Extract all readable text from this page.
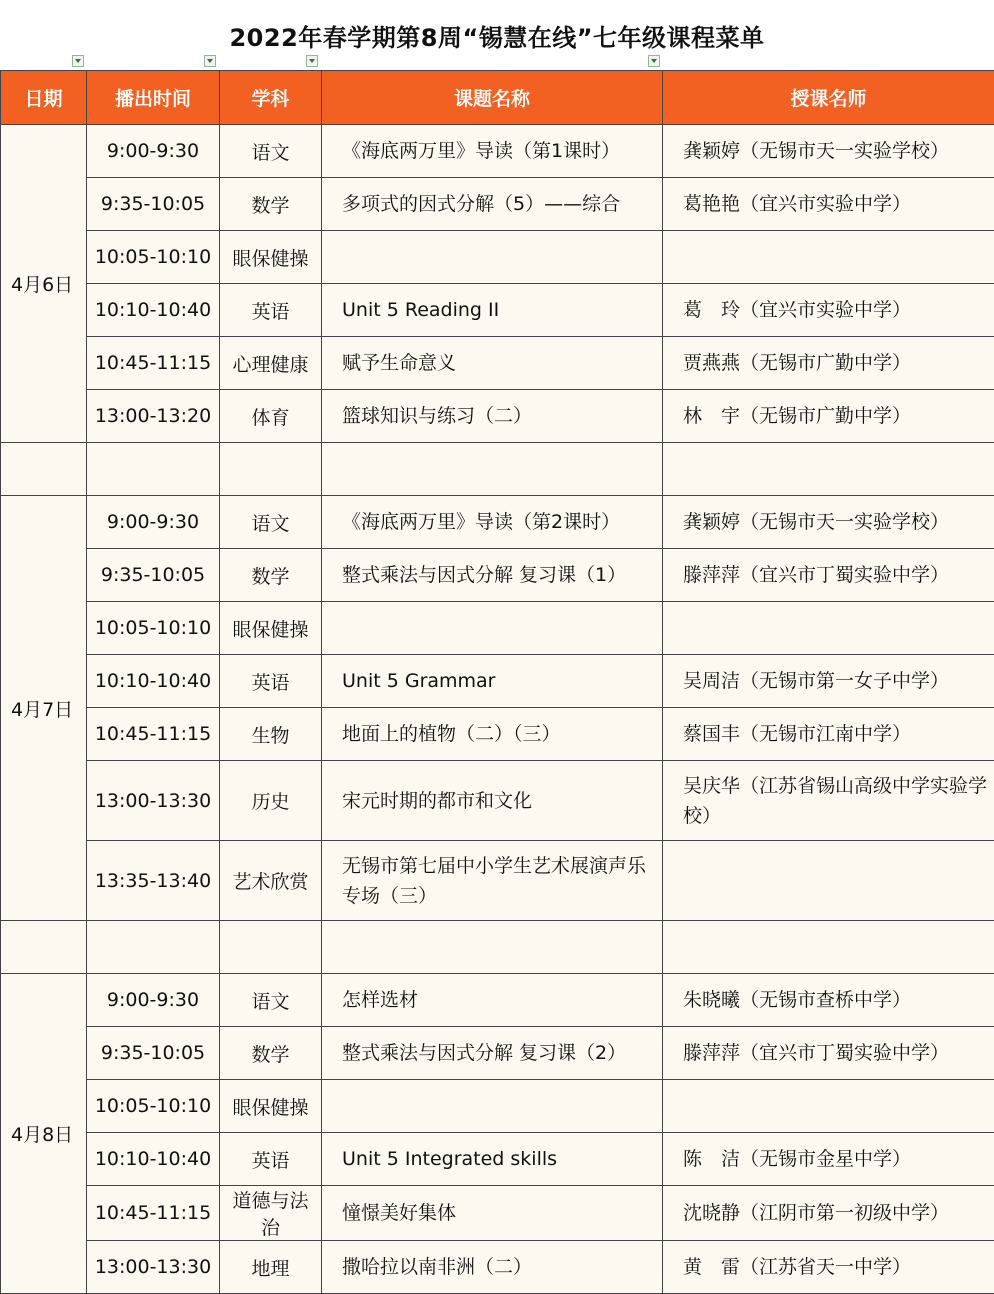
2022年春学期第8周“锡慧在线”七年级课程菜单
日期	播出时间	学科	课题名称	授课名师
4月6日	9:00-9:30	语文	《海底两万里》导读（第1课时）	龚颖婷（无锡市天一实验学校）
	9:35-10:05	数学	多项式的因式分解（5）——综合	葛艳艳（宜兴市实验中学）
	10:05-10:10	眼保健操		
	10:10-10:40	英语	Unit 5 Reading II	葛　玲（宜兴市实验中学）
	10:45-11:15	心理健康	赋予生命意义	贾燕燕（无锡市广勤中学）
	13:00-13:20	体育	篮球知识与练习（二）	林　宇（无锡市广勤中学）

4月7日	9:00-9:30	语文	《海底两万里》导读（第2课时）	龚颖婷（无锡市天一实验学校）
	9:35-10:05	数学	整式乘法与因式分解 复习课（1）	滕萍萍（宜兴市丁蜀实验中学）
	10:05-10:10	眼保健操		
	10:10-10:40	英语	Unit 5 Grammar	吴周洁（无锡市第一女子中学）
	10:45-11:15	生物	地面上的植物（二）（三）	蔡国丰（无锡市江南中学）
	13:00-13:30	历史	宋元时期的都市和文化	吴庆华（江苏省锡山高级中学实验学校）
	13:35-13:40	艺术欣赏	无锡市第七届中小学生艺术展演声乐专场（三）	

4月8日	9:00-9:30	语文	怎样选材	朱晓曦（无锡市查桥中学）
	9:35-10:05	数学	整式乘法与因式分解 复习课（2）	滕萍萍（宜兴市丁蜀实验中学）
	10:05-10:10	眼保健操		
	10:10-10:40	英语	Unit 5 Integrated skills	陈　洁（无锡市金星中学）
	10:45-11:15	道德与法治	憧憬美好集体	沈晓静（江阴市第一初级中学）
	13:00-13:30	地理	撒哈拉以南非洲（二）	黄　雷（江苏省天一中学）
